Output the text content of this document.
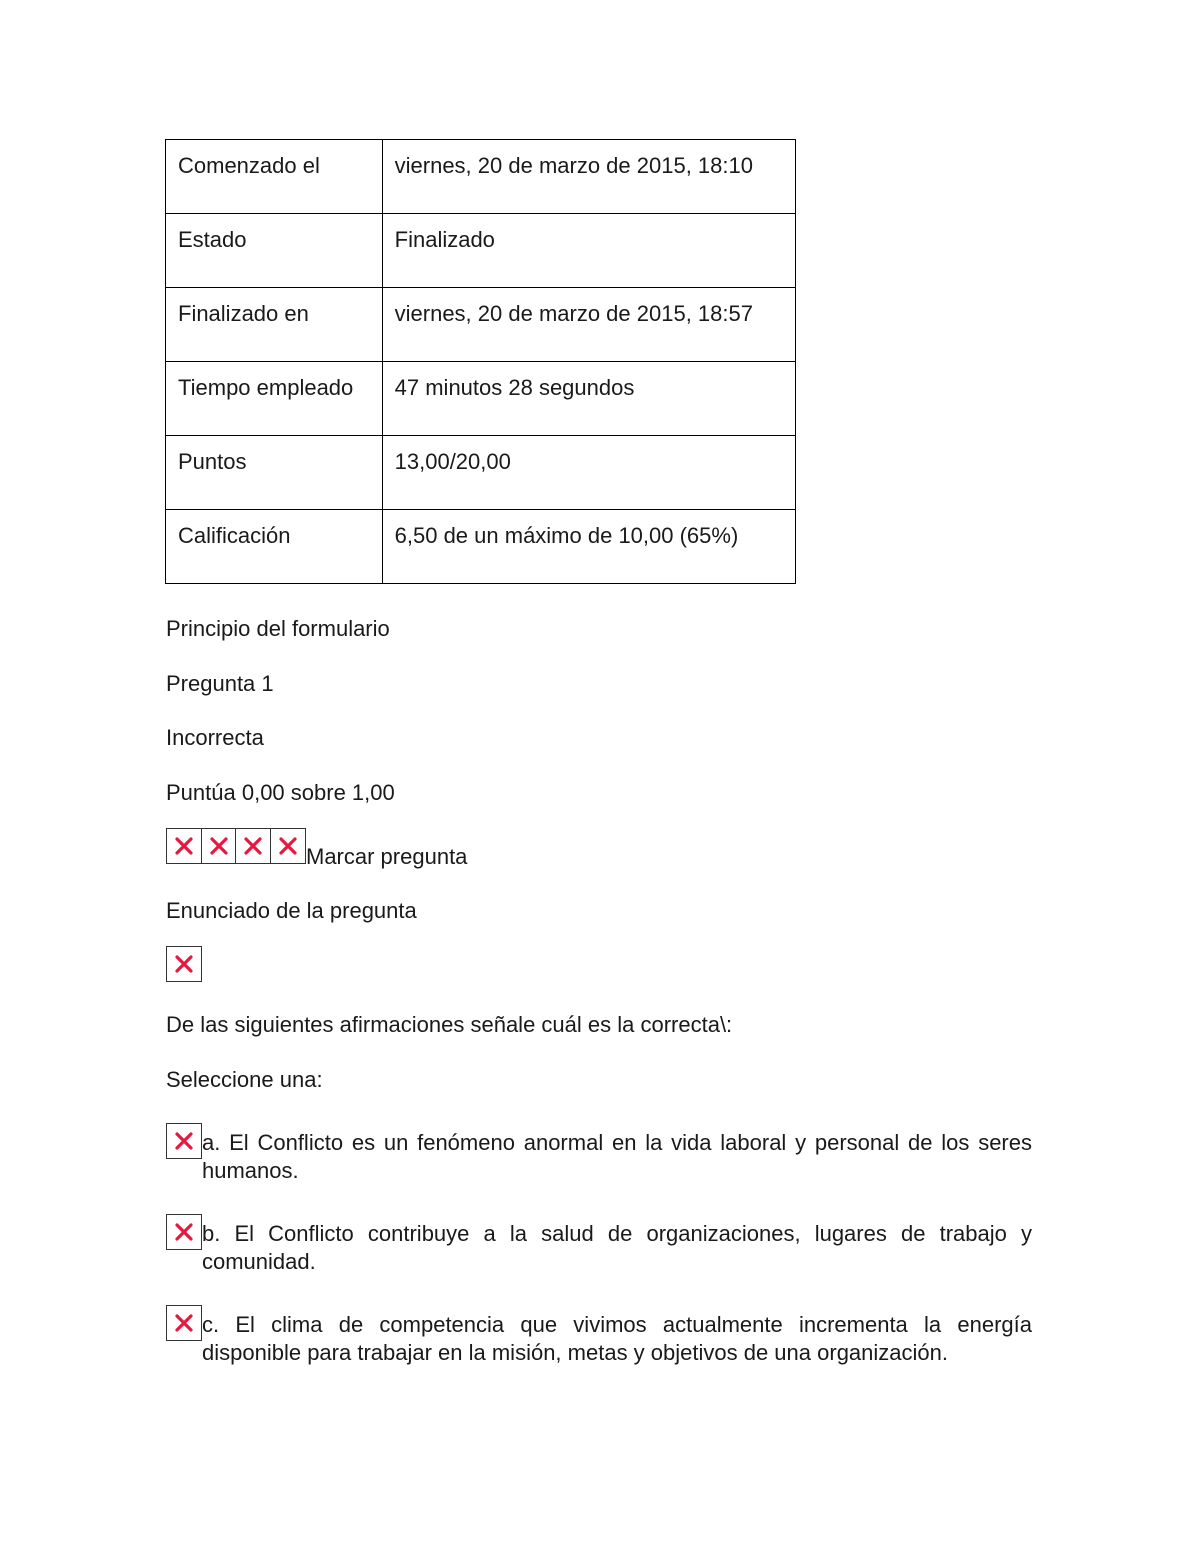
Comenzado el	viernes, 20 de marzo de 2015, 18:10
Estado	Finalizado
Finalizado en	viernes, 20 de marzo de 2015, 18:57
Tiempo empleado	47 minutos 28 segundos
Puntos	13,00/20,00
Calificación	6,50 de un máximo de 10,00 (65%)
Principio del formulario
Pregunta 1
Incorrecta
Puntúa 0,00 sobre 1,00
Marcar pregunta
Enunciado de la pregunta
De las siguientes afirmaciones señale cuál es la correcta\:
Seleccione una:
a. El Conflicto es un fenómeno anormal en la vida laboral y personal de los seres humanos.
b. El Conflicto contribuye a la salud de organizaciones, lugares de trabajo y comunidad.
c. El clima de competencia que vivimos actualmente incrementa la energía disponible para trabajar en la misión, metas y objetivos de una organización.
